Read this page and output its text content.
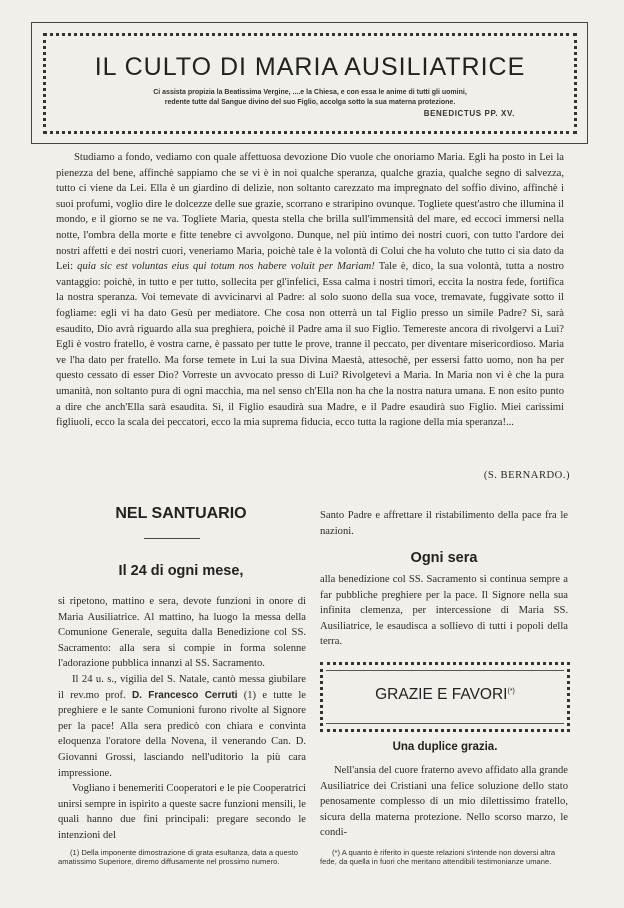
IL CULTO DI MARIA AUSILIATRICE
Ci assista propizia la Beatissima Vergine, ....e la Chiesa, e con essa le anime di tutti gli uomini,
redente tutte dal Sangue divino del suo Figlio, accolga sotto la sua materna protezione.
BENEDICTUS PP. XV.

Studiamo a fondo, vediamo con quale affettuosa devozione Dio vuole che onoriamo Maria. Egli ha posto in Lei la pienezza del bene, affinchè sappiamo che se vi è in noi qualche speranza, qualche grazia, qualche segno di salvezza, tutto ci viene da Lei. Ella è un giardino di delizie, non soltanto carezzato ma impregnato del soffio divino, affinchè i suoi profumi, voglio dire le dolcezze delle sue grazie, scorrano e straripino ovunque. Togliete quest'astro che illumina il mondo, e il giorno se ne va. Togliete Maria, questa stella che brilla sull'immensità del mare, ed eccoci immersi nella notte, l'ombra della morte e fitte tenebre ci avvolgono. Dunque, nel più intimo dei nostri cuori, con tutto l'ardore dei nostri affetti e dei nostri cuori, veneriamo Maria, poichè tale è la volontà di Colui che ha voluto che tutto ci sia dato da Lei: quia sic est voluntas eius qui totum nos habere voluit per Mariam! Tale è, dico, la sua volontà, tutta a nostro vantaggio: poichè, in tutto e per tutto, sollecita per gl'infelici, Essa calma i nostri timori, eccita la nostra fede, fortifica la nostra speranza. Voi temevate di avvicinarvi al Padre: al solo suono della sua voce, tremavate, fuggivate sotto il fogliame: egli vi ha dato Gesù per mediatore. Che cosa non otterrà un tal Figlio presso un simile Padre? Sì, sarà esaudito, Dio avrà riguardo alla sua preghiera, poichè il Padre ama il suo Figlio. Temereste ancora di rivolgervi a Lui? Egli è vostro fratello, è vostra carne, è passato per tutte le prove, tranne il peccato, per diventare misericordioso. Maria ve l'ha dato per fratello. Ma forse temete in Lui la sua Divina Maestà, attesochè, per essersi fatto uomo, non ha per questo cessato di esser Dio? Vorreste un avvocato presso di Lui? Rivolgetevi a Maria. In Maria non vi è che la pura umanità, non soltanto pura di ogni macchia, ma nel senso ch'Ella non ha che la nostra natura umana. E non esito punto a dire che anch'Ella sarà esaudita. Sì, il Figlio esaudirà sua Madre, e il Padre esaudirà suo Figlio. Miei carissimi figliuoli, ecco la scala dei peccatori, ecco la mia suprema fiducia, ecco tutta la ragione della mia speranza!...

(S. BERNARDO.)
NEL SANTUARIO
Il 24 di ogni mese,

si ripetono, mattino e sera, devote funzioni in onore di Maria Ausiliatrice. Al mattino, ha luogo la messa della Comunione Generale, seguita dalla Benedizione col SS. Sacramento: alla sera si compie in forma solenne l'adorazione pubblica innanzi al SS. Sacramento.

Il 24 u. s., vigilia del S. Natale, cantò messa giubilare il rev.mo prof. D. Francesco Cerruti (1) e tutte le preghiere e le sante Comunioni furono rivolte al Signore per la pace! Alla sera predicò con chiara e convinta eloquenza l'oratore della Novena, il venerando Can. D. Giovanni Grossi, lasciando nell'uditorio la più cara impressione.

Vogliano i benemeriti Cooperatori e le pie Cooperatrici unirsi sempre in ispirito a queste sacre funzioni mensili, le quali hanno due fini principali: pregare secondo le intenzioni del

(1) Della imponente dimostrazione di grata esultanza, data a questo amatissimo Superiore, diremo diffusamente nel prossimo numero.

Santo Padre e affrettare il ristabilimento della pace fra le nazioni.

Ogni sera

alla benedizione col SS. Sacramento si continua sempre a far pubbliche preghiere per la pace. Il Signore nella sua infinita clemenza, per intercessione di Maria SS. Ausiliatrice, le esaudisca a sollievo di tutti i popoli della terra.

GRAZIE E FAVORI(*)
Una duplice grazia.

Nell'ansia del cuore fraterno avevo affidato alla grande Ausiliatrice dei Cristiani una felice soluzione dello stato penosamente complesso di un mio dilettissimo fratello, sicura della materna protezione. Nello scorso marzo, le condi-

(*) A quanto è riferito in queste relazioni s'intende non doversi altra fede, da quella in fuori che meritano attendibili testimonianze umane.
